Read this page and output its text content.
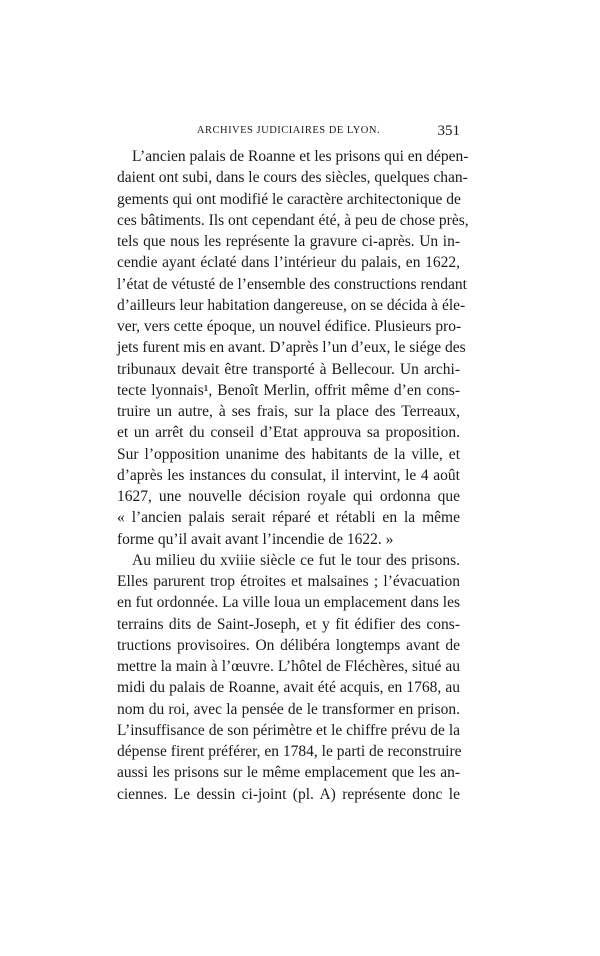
ARCHIVES JUDICIAIRES DE LYON.	351
L’ancien palais de Roanne et les prisons qui en dépen-
daient ont subi, dans le cours des siècles, quelques chan-
gements qui ont modifié le caractère architectonique de
ces bâtiments. Ils ont cependant été, à peu de chose près,
tels que nous les représente la gravure ci-après. Un in-
cendie ayant éclaté dans l’intérieur du palais, en 1622,
l’état de vétusté de l’ensemble des constructions rendant
d’ailleurs leur habitation dangereuse, on se décida à éle-
ver, vers cette époque, un nouvel édifice. Plusieurs pro-
jets furent mis en avant. D’après l’un d’eux, le siége des
tribunaux devait être transporté à Bellecour. Un archi-
tecte lyonnais¹, Benoît Merlin, offrit même d’en cons-
truire un autre, à ses frais, sur la place des Terreaux,
et un arrêt du conseil d’Etat approuva sa proposition.
Sur l’opposition unanime des habitants de la ville, et
d’après les instances du consulat, il intervint, le 4 août
1627, une nouvelle décision royale qui ordonna que
« l’ancien palais serait réparé et rétabli en la même
forme qu’il avait avant l’incendie de 1622. »
Au milieu du xviiie siècle ce fut le tour des prisons.
Elles parurent trop étroites et malsaines ; l’évacuation
en fut ordonnée. La ville loua un emplacement dans les
terrains dits de Saint-Joseph, et y fit édifier des cons-
tructions provisoires. On délibéra longtemps avant de
mettre la main à l’œuvre. L’hôtel de Fléchères, situé au
midi du palais de Roanne, avait été acquis, en 1768, au
nom du roi, avec la pensée de le transformer en prison.
L’insuffisance de son périmètre et le chiffre prévu de la
dépense firent préférer, en 1784, le parti de reconstruire
aussi les prisons sur le même emplacement que les an-
ciennes. Le dessin ci-joint (pl. A) représente donc le
